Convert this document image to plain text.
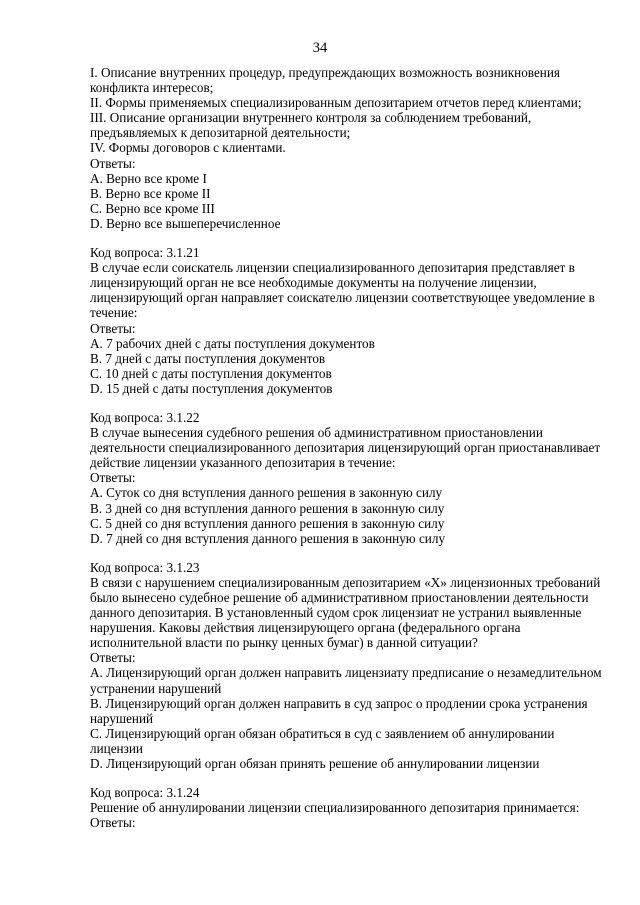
34
I. Описание внутренних процедур, предупреждающих возможность возникновения
конфликта интересов;
II. Формы применяемых специализированным депозитарием отчетов перед клиентами;
III. Описание организации внутреннего контроля за соблюдением требований,
предъявляемых к депозитарной деятельности;
IV. Формы договоров с клиентами.
Ответы:
A. Верно все кроме I
B. Верно все кроме II
C. Верно все кроме III
D. Верно все вышеперечисленное
Код вопроса: 3.1.21
В случае если соискатель лицензии специализированного депозитария представляет в
лицензирующий орган не все необходимые документы на получение лицензии,
лицензирующий орган направляет соискателю лицензии соответствующее уведомление в
течение:
Ответы:
A. 7 рабочих дней с даты поступления документов
B. 7 дней с даты поступления документов
C. 10 дней с даты поступления документов
D. 15 дней с даты поступления документов
Код вопроса: 3.1.22
В случае вынесения судебного решения об административном приостановлении
деятельности специализированного депозитария лицензирующий орган приостанавливает
действие лицензии указанного депозитария в течение:
Ответы:
A. Суток со дня вступления данного решения в законную силу
B. 3 дней со дня вступления данного решения в законную силу
C. 5 дней со дня вступления данного решения в законную силу
D. 7 дней со дня вступления данного решения в законную силу
Код вопроса: 3.1.23
В связи с нарушением специализированным депозитарием «Х» лицензионных требований
было вынесено судебное решение об административном приостановлении деятельности
данного депозитария. В установленный судом срок лицензиат не устранил выявленные
нарушения. Каковы действия лицензирующего органа (федерального органа
исполнительной власти по рынку ценных бумаг) в данной ситуации?
Ответы:
A. Лицензирующий орган должен направить лицензиату предписание о незамедлительном
устранении нарушений
B. Лицензирующий орган должен направить в суд запрос о продлении срока устранения
нарушений
C. Лицензирующий орган обязан обратиться в суд с заявлением об аннулировании
лицензии
D. Лицензирующий орган обязан принять решение об аннулировании лицензии
Код вопроса: 3.1.24
Решение об аннулировании лицензии специализированного депозитария принимается:
Ответы:
